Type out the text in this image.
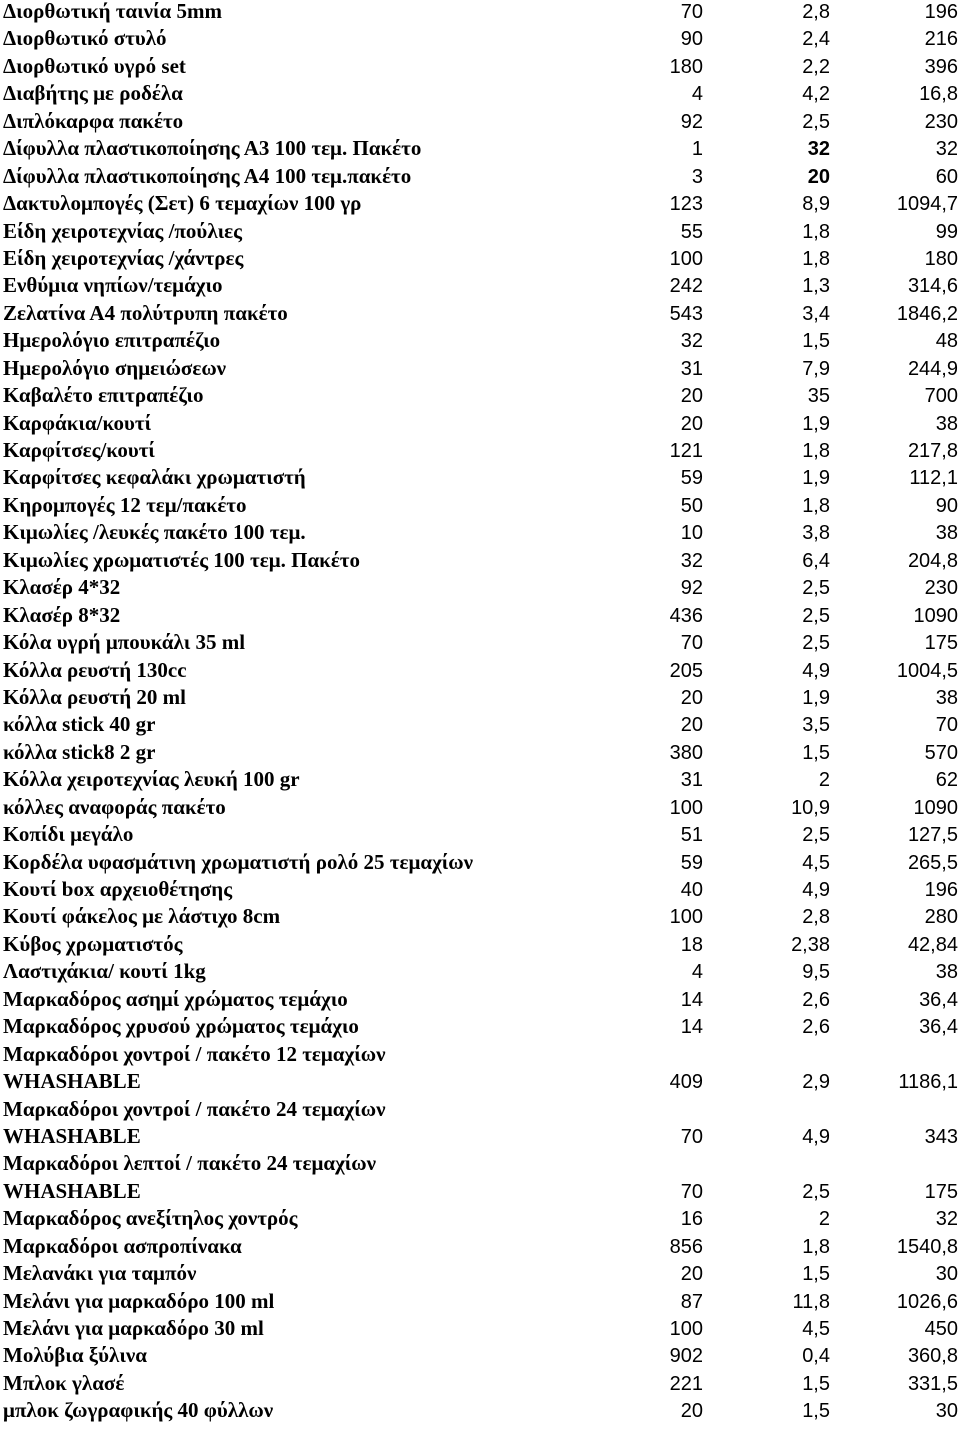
Διορθωτική ταινία 5mm	70	2,8	196
Διορθωτικό στυλό	90	2,4	216
Διορθωτικό υγρό set	180	2,2	396
Διαβήτης με ροδέλα	4	4,2	16,8
Διπλόκαρφα πακέτο	92	2,5	230
Δίφυλλα πλαστικοποίησης Α3 100 τεμ. Πακέτο	1	32	32
Δίφυλλα πλαστικοποίησης Α4 100 τεμ.πακέτο	3	20	60
Δακτυλομπογές (Σετ) 6 τεμαχίων 100 γρ	123	8,9	1094,7
Είδη χειροτεχνίας /πούλιες	55	1,8	99
Είδη χειροτεχνίας /χάντρες	100	1,8	180
Ενθύμια νηπίων/τεμάχιο	242	1,3	314,6
Ζελατίνα Α4 πολύτρυπη πακέτο	543	3,4	1846,2
Ημερολόγιο επιτραπέζιο	32	1,5	48
Ημερολόγιο σημειώσεων	31	7,9	244,9
Καβαλέτο επιτραπέζιο	20	35	700
Καρφάκια/κουτί	20	1,9	38
Καρφίτσες/κουτί	121	1,8	217,8
Καρφίτσες κεφαλάκι χρωματιστή	59	1,9	112,1
Κηρομπογές 12 τεμ/πακέτο	50	1,8	90
Κιμωλίες /λευκές πακέτο 100 τεμ.	10	3,8	38
Κιμωλίες χρωματιστές 100 τεμ. Πακέτο	32	6,4	204,8
Κλασέρ 4*32	92	2,5	230
Κλασέρ 8*32	436	2,5	1090
Κόλα υγρή μπουκάλι 35 ml	70	2,5	175
Κόλλα ρευστή 130cc	205	4,9	1004,5
Κόλλα ρευστή 20 ml	20	1,9	38
κόλλα stick 40 gr	20	3,5	70
κόλλα stick8 2 gr	380	1,5	570
Κόλλα χειροτεχνίας λευκή 100 gr	31	2	62
κόλλες αναφοράς πακέτο	100	10,9	1090
Κοπίδι μεγάλο	51	2,5	127,5
Κορδέλα υφασμάτινη χρωματιστή ρολό 25 τεμαχίων	59	4,5	265,5
Κουτί box αρχειοθέτησης	40	4,9	196
Κουτί φάκελος με λάστιχο 8cm	100	2,8	280
Κύβος χρωματιστός	18	2,38	42,84
Λαστιχάκια/ κουτί 1kg	4	9,5	38
Μαρκαδόρος ασημί χρώματος τεμάχιο	14	2,6	36,4
Μαρκαδόρος χρυσού χρώματος τεμάχιο	14	2,6	36,4
Μαρκαδόροι χοντροί / πακέτο 12 τεμαχίων
WHASHABLE	409	2,9	1186,1
Μαρκαδόροι χοντροί / πακέτο 24 τεμαχίων
WHASHABLE	70	4,9	343
Μαρκαδόροι λεπτοί / πακέτο 24 τεμαχίων
WHASHABLE	70	2,5	175
Μαρκαδόρος ανεξίτηλος χοντρός	16	2	32
Μαρκαδόροι ασπροπίνακα	856	1,8	1540,8
Μελανάκι για ταμπόν	20	1,5	30
Μελάνι για μαρκαδόρο 100 ml	87	11,8	1026,6
Μελάνι για μαρκαδόρο 30 ml	100	4,5	450
Μολύβια ξύλινα	902	0,4	360,8
Μπλοκ γλασέ	221	1,5	331,5
μπλοκ ζωγραφικής 40 φύλλων	20	1,5	30
